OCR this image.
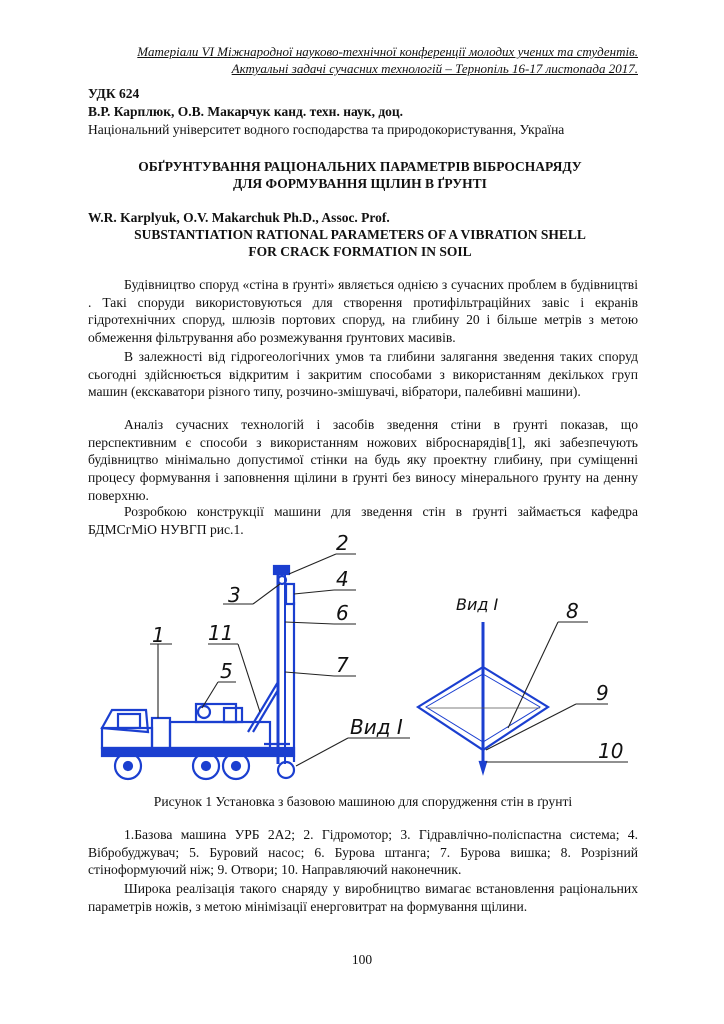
Матеріали VI Міжнародної науково-технічної конференції молодих учених та студентів.
Актуальні задачі сучасних технологій – Тернопіль 16-17 листопада 2017.
УДК 624
В.Р. Карплюк, О.В. Макарчук канд. техн. наук, доц.
Національний університет водного господарства та природокористування, Україна
ОБҐРУНТУВАННЯ РАЦІОНАЛЬНИХ ПАРАМЕТРІВ ВІБРОСНАРЯДУ
ДЛЯ ФОРМУВАННЯ ЩІЛИН В ҐРУНТІ
W.R. Karplyuk, O.V. Makarchuk Ph.D., Assoc. Prof.
SUBSTANTIATION RATIONAL PARAMETERS OF A VIBRATION SHELL
FOR CRACK FORMATION IN SOIL

Будівництво споруд «стіна в ґрунті» являється однією з сучасних проблем в будівництві . Такі споруди використовуються для створення протифільтраційних завіс і екранів гідротехнічних споруд, шлюзів портових споруд, на глибину 20 і більше метрів з метою обмеження фільтрування або розмежування ґрунтових масивів.

В залежності від гідрогеологічних умов та глибини залягання зведення таких споруд сьогодні здійснюється відкритим і закритим способами з використанням декількох груп машин (екскаватори різного типу, розчино-змішувачі, вібратори, палебивні машини).

Аналіз сучасних технологій і засобів зведення стіни в ґрунті показав, що перспективним є способи з використанням ножових віброснарядів[1], які забезпечують будівництво мінімально допустимої стінки на будь яку проектну глибину, при суміщенні процесу формування і заповнення щілини в ґрунті без виносу мінерального ґрунту на денну поверхню.

Розробкою конструкції машини для зведення стін в ґрунті займається кафедра БДМСгМіО НУВГП рис.1.

1
2
3
4
5
6
7
8
9
10
11
Вид I
Вид I
Рисунок 1 Установка з базовою машиною для спорудження стін в ґрунті

1.Базова машина УРБ 2А2; 2. Гідромотор; 3. Гідравлічно-поліспастна система; 4. Вібробуджувач; 5. Буровий насос; 6. Бурова штанга; 7. Бурова вишка; 8. Розрізний стінoформуючий ніж; 9. Отвори; 10. Направляючий наконечник.

Широка реалізація такого снаряду у виробництво вимагає встановлення раціональних параметрів ножів, з метою мінімізації енерговитрат на формування щілини.

100
